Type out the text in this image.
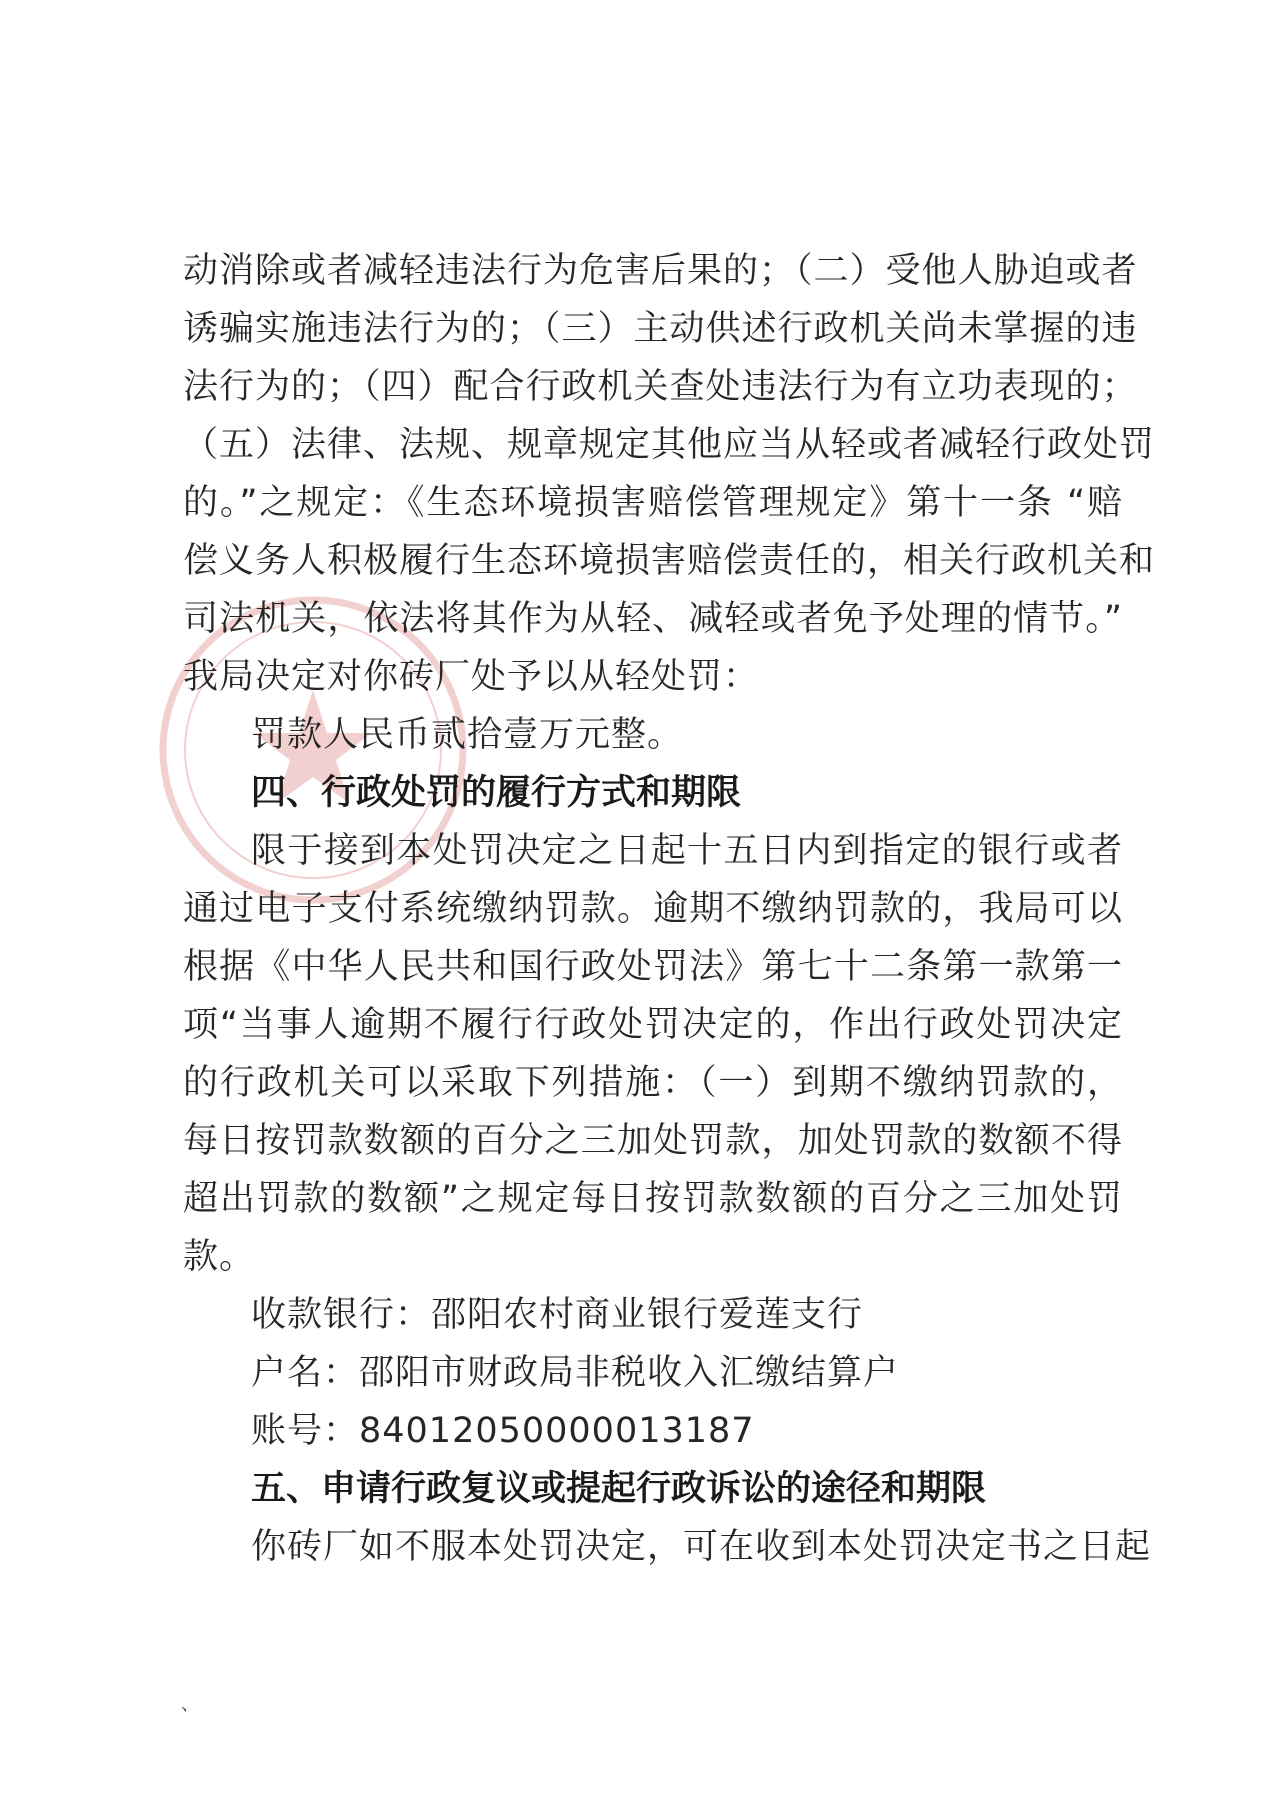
动消除或者减轻违法行为危害后果的；（二）受他人胁迫或者
诱骗实施违法行为的；（三）主动供述行政机关尚未掌握的违
法行为的；（四）配合行政机关查处违法行为有立功表现的；
（五）法律、法规、规章规定其他应当从轻或者减轻行政处罚
的。”之规定：《生态环境损害赔偿管理规定》第十一条 “赔
偿义务人积极履行生态环境损害赔偿责任的，相关行政机关和
司法机关，依法将其作为从轻、减轻或者免予处理的情节。”
我局决定对你砖厂处予以从轻处罚：
罚款人民币贰拾壹万元整。
四、行政处罚的履行方式和期限
限于接到本处罚决定之日起十五日内到指定的银行或者
通过电子支付系统缴纳罚款。逾期不缴纳罚款的，我局可以
根据《中华人民共和国行政处罚法》第七十二条第一款第一
项“当事人逾期不履行行政处罚决定的，作出行政处罚决定
的行政机关可以采取下列措施：（一）到期不缴纳罚款的，
每日按罚款数额的百分之三加处罚款，加处罚款的数额不得
超出罚款的数额”之规定每日按罚款数额的百分之三加处罚
款。
收款银行：邵阳农村商业银行爱莲支行
户名：邵阳市财政局非税收入汇缴结算户
账号：84012050000013187
五、申请行政复议或提起行政诉讼的途径和期限
你砖厂如不服本处罚决定，可在收到本处罚决定书之日起
、
